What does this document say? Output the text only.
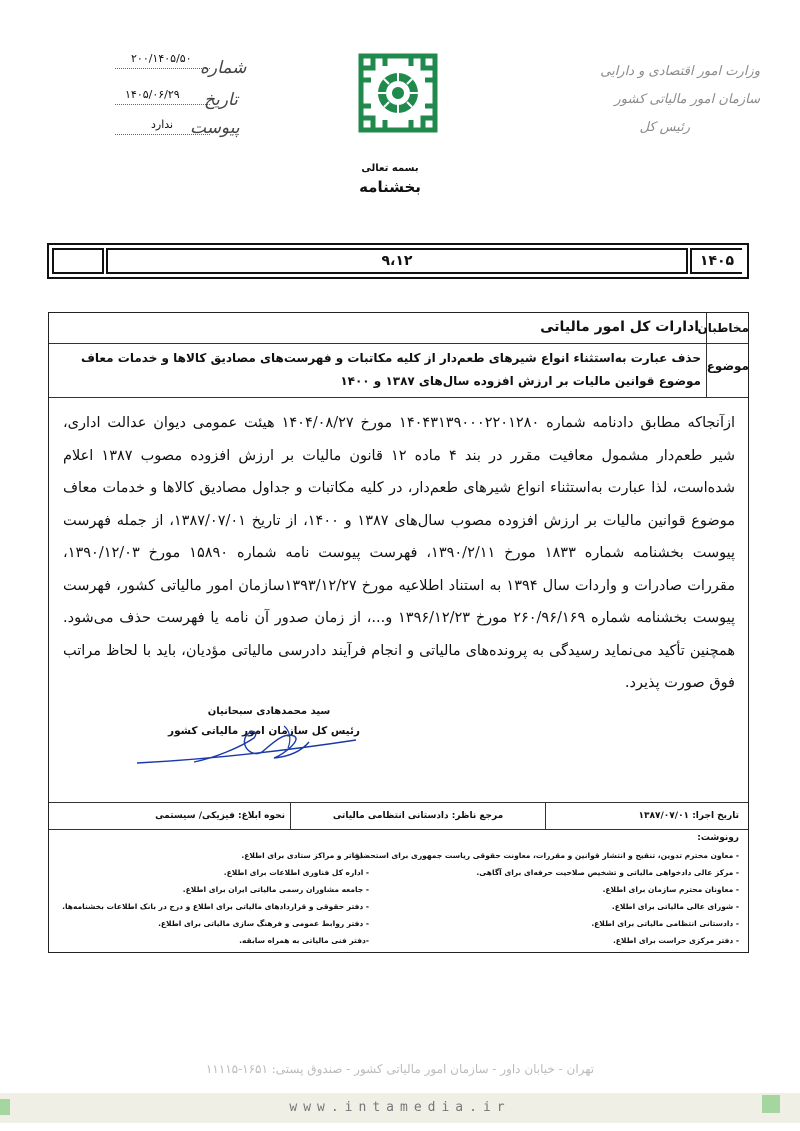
۲۰۰/۱۴۰۵/۵۰ شماره
۱۴۰۵/۰۶/۲۹ تاریخ
ندارد پیوست
وزارت امور اقتصادی و دارایی
سازمان امور مالیاتی کشور
رئیس کل
بسمه تعالی
بخشنامه
۹،۱۲	۱۴۰۵
مخاطبان
ادارات کل امور مالیاتی
موضوع
حذف عبارت به‌استثناء انواع شیرهای طعم‌دار از کلیه مکاتبات و فهرست‌های مصادیق کالاها و خدمات معاف موضوع قوانین مالیات بر ارزش افزوده سال‌های ۱۳۸۷ و ۱۴۰۰
ازآنجاکه مطابق دادنامه شماره ۱۴۰۴۳۱۳۹۰۰۰۲۲۰۱۲۸۰ مورخ ۱۴۰۴/۰۸/۲۷ هیئت عمومی دیوان عدالت اداری، شیر طعم‌دار مشمول معافیت مقرر در بند ۴ ماده ۱۲ قانون مالیات بر ارزش افزوده مصوب ۱۳۸۷ اعلام شده‌است، لذا عبارت به‌استثناء انواع شیرهای طعم‌دار، در کلیه مکاتبات و جداول مصادیق کالاها و خدمات معاف موضوع قوانین مالیات بر ارزش افزوده مصوب سال‌های ۱۳۸۷ و ۱۴۰۰، از تاریخ ۱۳۸۷/۰۷/۰۱، از جمله فهرست پیوست بخشنامه شماره ۱۸۳۳ مورخ ۱۳۹۰/۲/۱۱، فهرست پیوست نامه شماره ۱۵۸۹۰ مورخ ۱۳۹۰/۱۲/۰۳، مقررات صادرات و واردات سال ۱۳۹۴ به استناد اطلاعیه مورخ ۱۳۹۳/۱۲/۲۷سازمان امور مالیاتی کشور، فهرست پیوست بخشنامه شماره ۲۶۰/۹۶/۱۶۹ مورخ ۱۳۹۶/۱۲/۲۳ و...، از زمان صدور آن نامه یا فهرست حذف می‌شود. همچنین تأکید می‌نماید رسیدگی به پرونده‌های مالیاتی و انجام فرآیند دادرسی مالیاتی مؤدیان، باید با لحاظ مراتب فوق صورت پذیرد.
سید محمدهادی سبحانیان
رئیس کل سازمان امور مالیاتی کشور
تاریخ اجرا: ۱۳۸۷/۰۷/۰۱
مرجع ناظر: دادستانی انتظامی مالیاتی
نحوه ابلاغ: فیزیکی/ سیستمی
رونوشت:
- معاون محترم تدوین، تنقیح و انتشار قوانین و مقررات، معاونت حقوقی ریاست جمهوری برای استحضار.
- مرکز عالی دادخواهی مالیاتی و تشخیص صلاحیت حرفه‌ای برای آگاهی.
- معاونان محترم سازمان برای اطلاع.
- شورای عالی مالیاتی برای اطلاع.
- دادستانی انتظامی مالیاتی برای اطلاع.
- دفتر مرکزی حراست برای اطلاع.
- دفاتر و مراکز ستادی برای اطلاع.
- اداره کل فناوری اطلاعات برای اطلاع.
- جامعه مشاوران رسمی مالیاتی ایران برای اطلاع.
- دفتر حقوقی و قراردادهای مالیاتی برای اطلاع و درج در بانک اطلاعات بخشنامه‌ها.
- دفتر روابط عمومی و فرهنگ سازی مالیاتی برای اطلاع.
-دفتر فنی مالیاتی به همراه سابقه.
تهران - خیابان داور - سازمان امور مالیاتی کشور - صندوق پستی: ۱۶۵۱-۱۱۱۱۵
www.intamedia.ir
